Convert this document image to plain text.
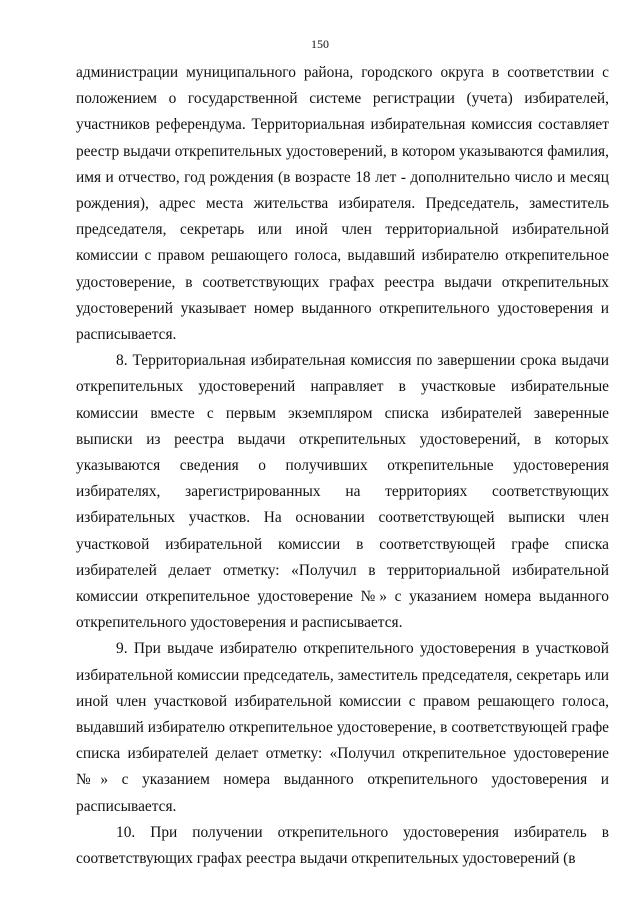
150

администрации муниципального района, городского округа в соответствии с положением о государственной системе регистрации (учета) избирателей, участников референдума. Территориальная избирательная комиссия составляет реестр выдачи открепительных удостоверений, в котором указываются фамилия, имя и отчество, год рождения (в возрасте 18 лет - дополнительно число и месяц рождения), адрес места жительства избирателя. Председатель, заместитель председателя, секретарь или иной член территориальной избирательной комиссии с правом решающего голоса, выдавший избирателю открепительное удостоверение, в соответствующих графах реестра выдачи открепительных удостоверений указывает номер выданного открепительного удостоверения и расписывается.

8. Территориальная избирательная комиссия по завершении срока выдачи открепительных удостоверений направляет в участковые избирательные комиссии вместе с первым экземпляром списка избирателей заверенные выписки из реестра выдачи открепительных удостоверений, в которых указываются сведения о получивших открепительные удостоверения избирателях, зарегистрированных на территориях соответствующих избирательных участков. На основании соответствующей выписки член участковой избирательной комиссии в соответствующей графе списка избирателей делает отметку: «Получил в территориальной избирательной комиссии открепительное удостоверение №» с указанием номера выданного открепительного удостоверения и расписывается.

9. При выдаче избирателю открепительного удостоверения в участковой избирательной комиссии председатель, заместитель председателя, секретарь или иной член участковой избирательной комиссии с правом решающего голоса, выдавший избирателю открепительное удостоверение, в соответствующей графе списка избирателей делает отметку: «Получил открепительное удостоверение №» с указанием номера выданного открепительного удостоверения и расписывается.

10. При получении открепительного удостоверения избиратель в соответствующих графах реестра выдачи открепительных удостоверений (в
